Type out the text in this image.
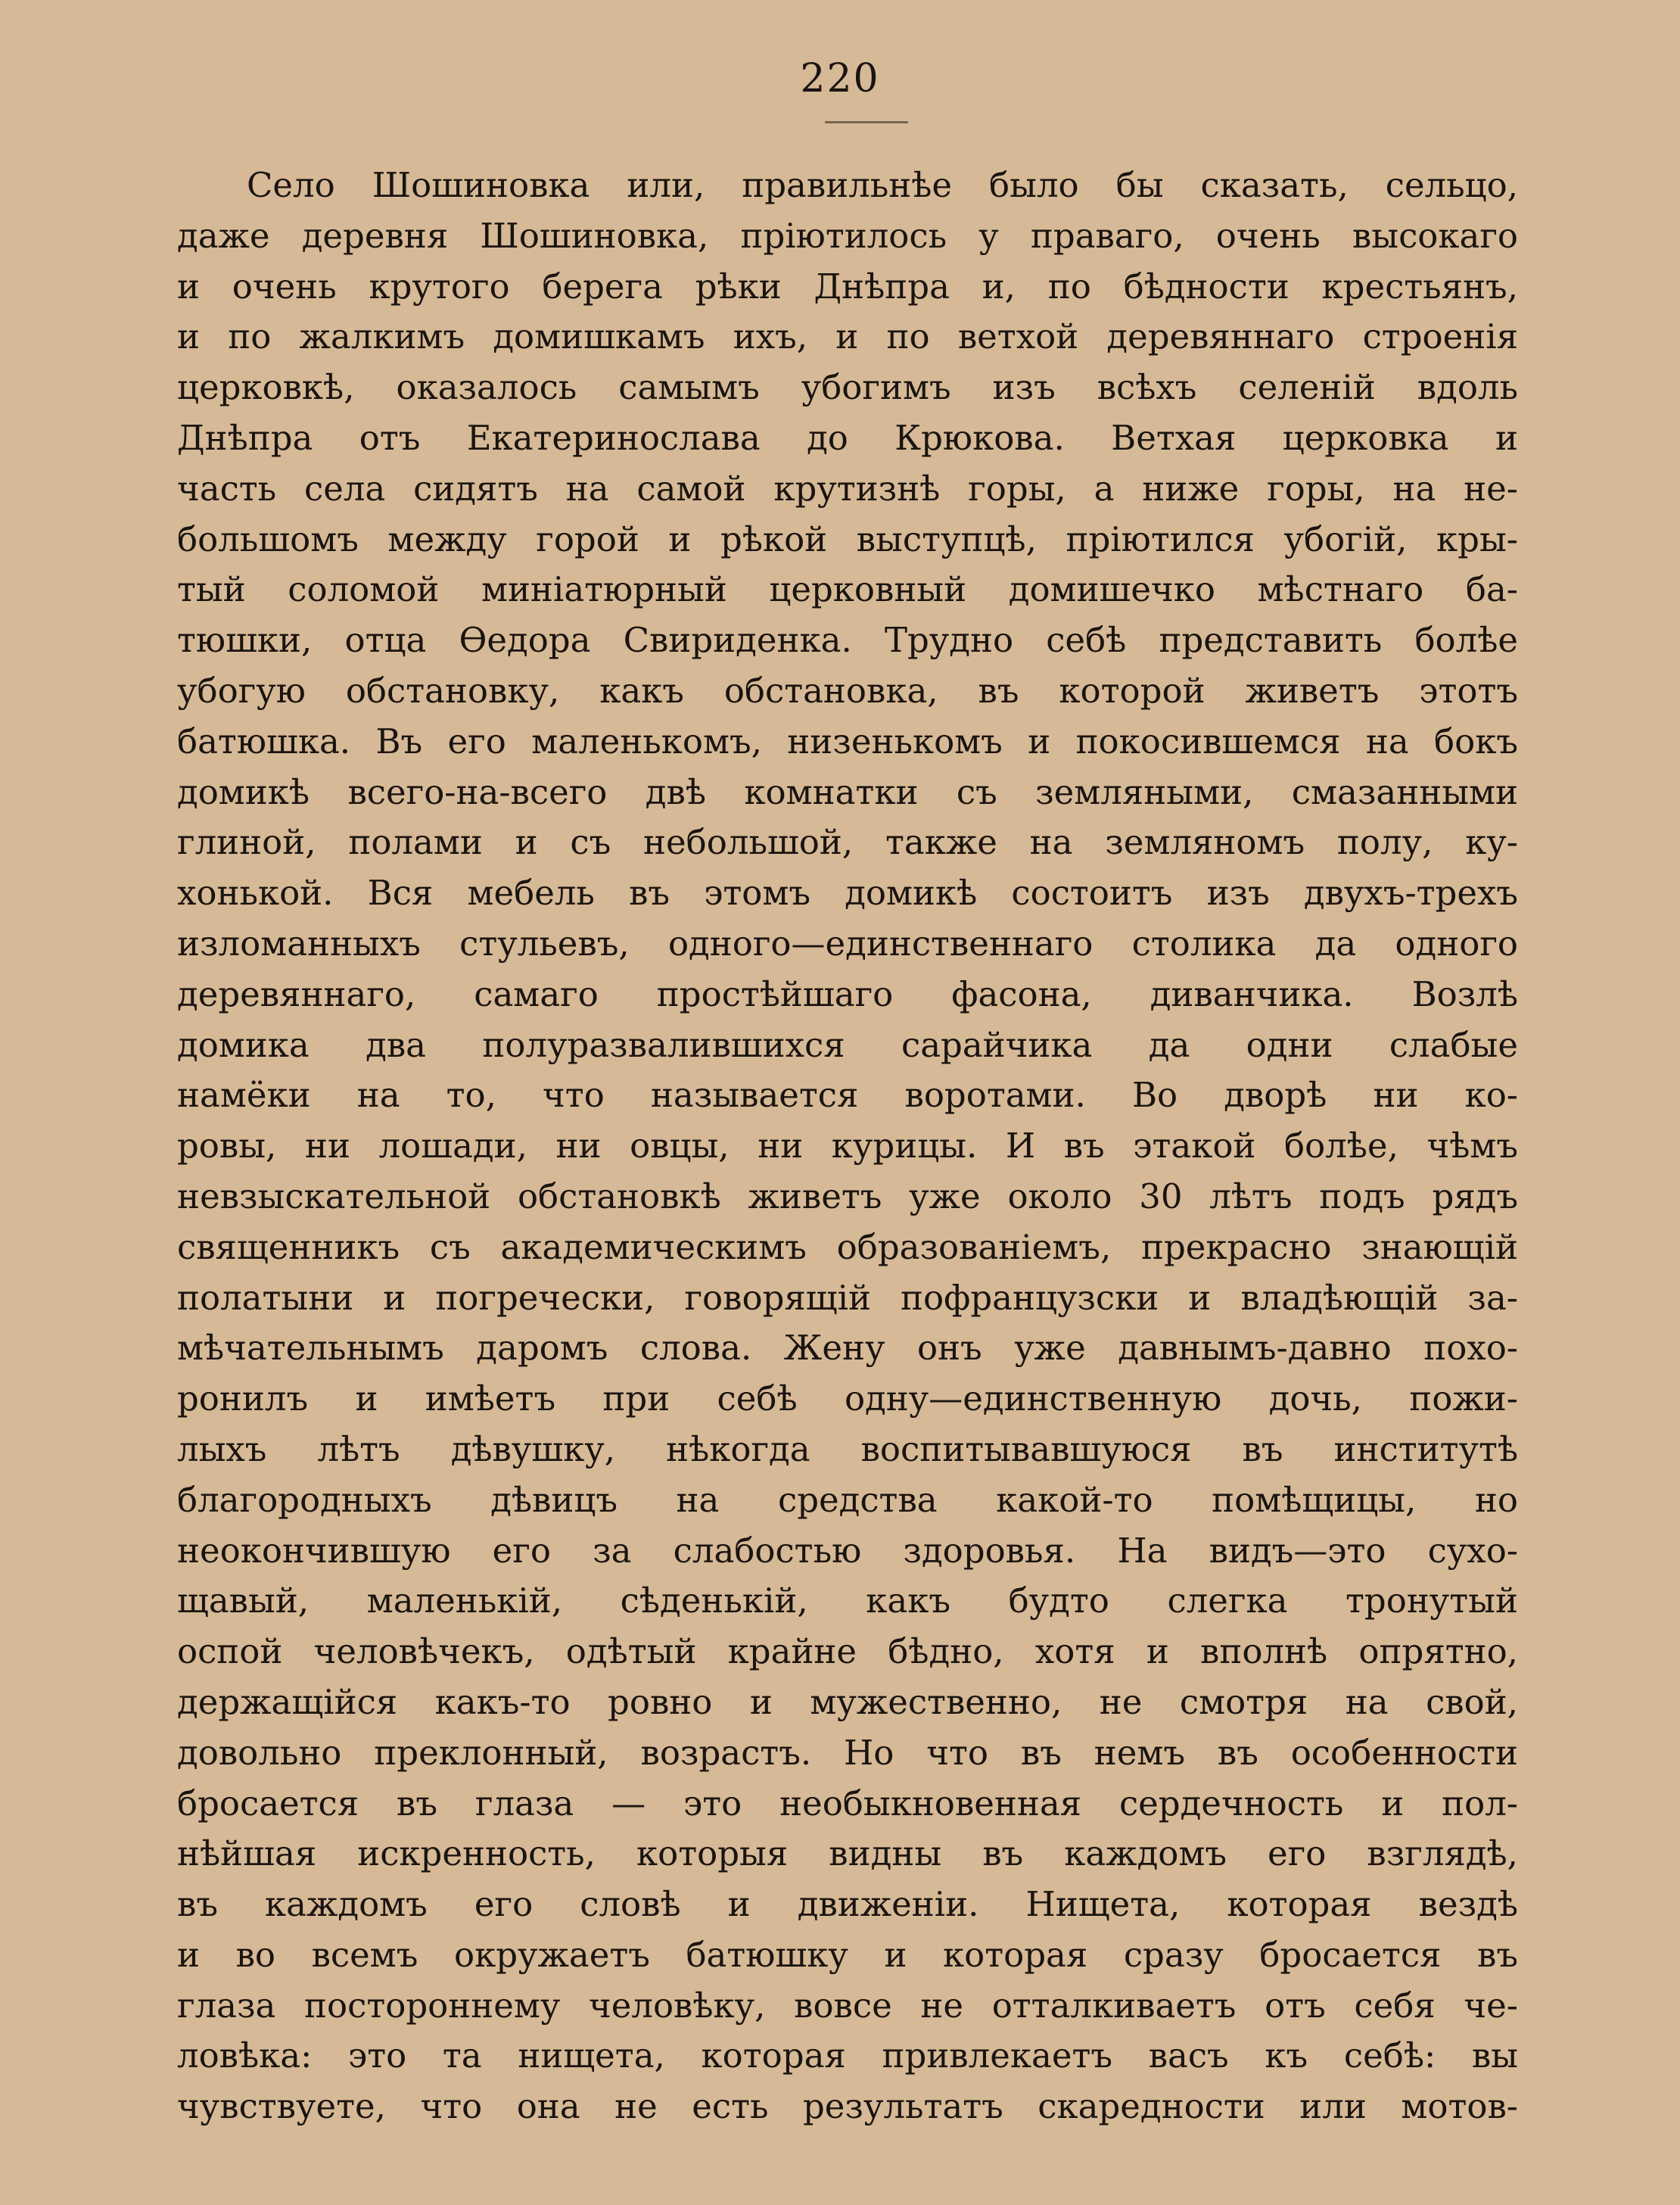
220
Село Шошиновка или, правильнѣе было бы сказать, сельцо,
даже деревня Шошиновка, пріютилось у праваго, очень высокаго
и очень крутого берега рѣки Днѣпра и, по бѣдности крестьянъ,
и по жалкимъ домишкамъ ихъ, и по ветхой деревяннаго строенія
церковкѣ, оказалось самымъ убогимъ изъ всѣхъ селеній вдоль
Днѣпра отъ Екатеринослава до Крюкова. Ветхая церковка и
часть села сидятъ на самой крутизнѣ горы, а ниже горы, на не-
большомъ между горой и рѣкой выступцѣ, пріютился убогій, кры-
тый соломой миніатюрный церковный домишечко мѣстнаго ба-
тюшки, отца Ѳедора Свириденка. Трудно себѣ представить болѣе
убогую обстановку, какъ обстановка, въ которой живетъ этотъ
батюшка. Въ его маленькомъ, низенькомъ и покосившемся на бокъ
домикѣ всего-на-всего двѣ комнатки съ земляными, смазанными
глиной, полами и съ небольшой, также на земляномъ полу, ку-
хонькой. Вся мебель въ этомъ домикѣ состоитъ изъ двухъ-трехъ
изломанныхъ стульевъ, одного—единственнаго столика да одного
деревяннаго, самаго простѣйшаго фасона, диванчика. Возлѣ
домика два полуразвалившихся сарайчика да одни слабые
намёки на то, что называется воротами. Во дворѣ ни ко-
ровы, ни лошади, ни овцы, ни курицы. И въ этакой болѣе, чѣмъ
невзыскательной обстановкѣ живетъ уже около 30 лѣтъ подъ рядъ
священникъ съ академическимъ образованіемъ, прекрасно знающій
полатыни и погречески, говорящій пофранцузски и владѣющій за-
мѣчательнымъ даромъ слова. Жену онъ уже давнымъ-давно похо-
ронилъ и имѣетъ при себѣ одну—единственную дочь, пожи-
лыхъ лѣтъ дѣвушку, нѣкогда воспитывавшуюся въ институтѣ
благородныхъ дѣвицъ на средства какой-то помѣщицы, но
неокончившую его за слабостью здоровья. На видъ—это сухо-
щавый, маленькій, сѣденькій, какъ будто слегка тронутый
оспой человѣчекъ, одѣтый крайне бѣдно, хотя и вполнѣ опрятно,
держащійся какъ-то ровно и мужественно, не смотря на свой,
довольно преклонный, возрастъ. Но что въ немъ въ особенности
бросается въ глаза — это необыкновенная сердечность и пол-
нѣйшая искренность, которыя видны въ каждомъ его взглядѣ,
въ каждомъ его словѣ и движеніи. Нищета, которая вездѣ
и во всемъ окружаетъ батюшку и которая сразу бросается въ
глаза постороннему человѣку, вовсе не отталкиваетъ отъ себя че-
ловѣка: это та нищета, которая привлекаетъ васъ къ себѣ: вы
чувствуете, что она не есть результатъ скаредности или мотов-
